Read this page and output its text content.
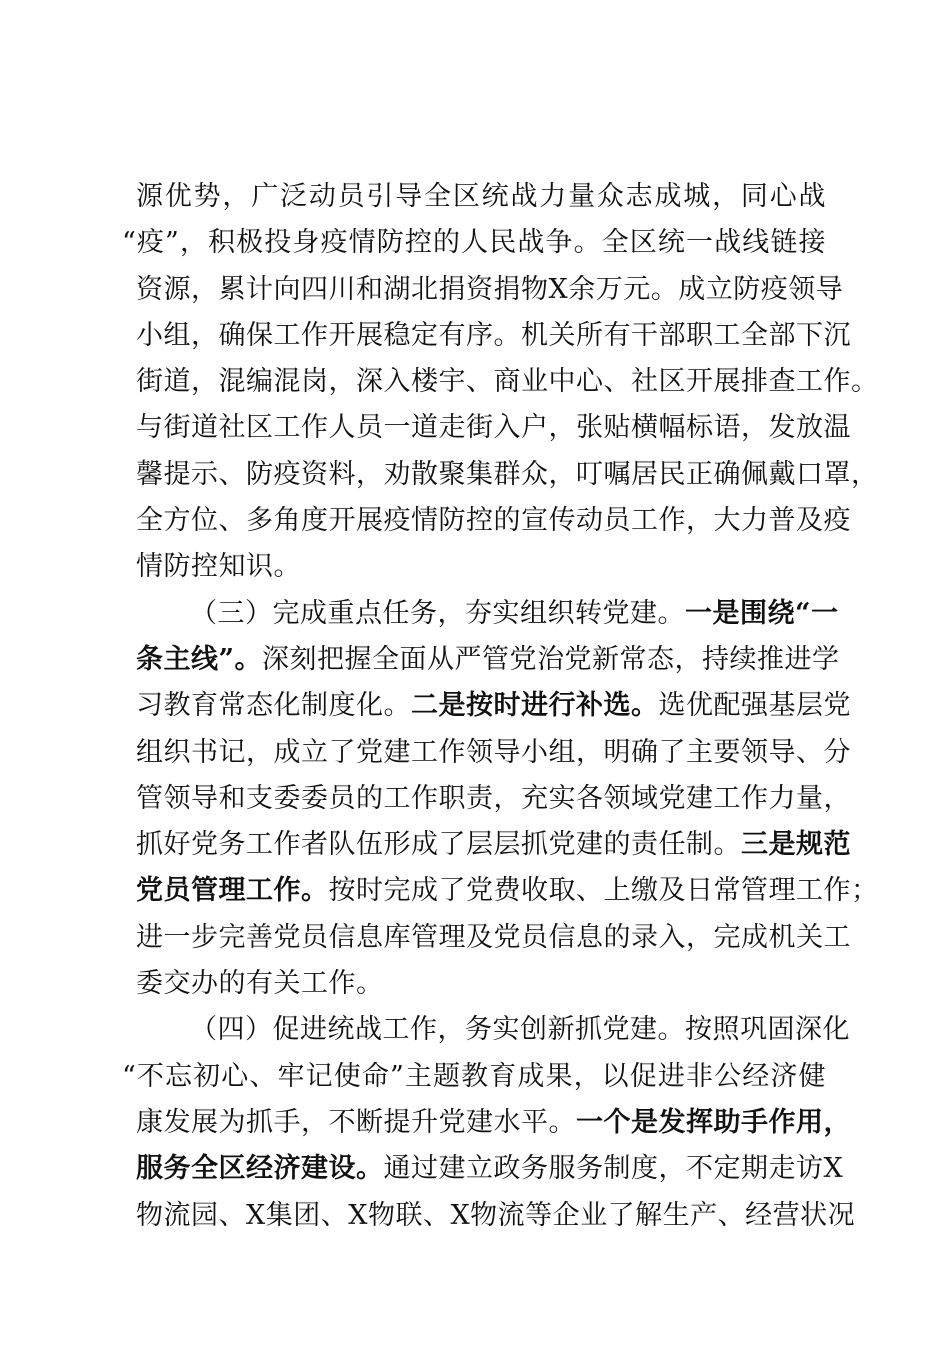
源优势，广泛动员引导全区统战力量众志成城，同心战
“疫”，积极投身疫情防控的人民战争。全区统一战线链接
资源，累计向四川和湖北捐资捐物X余万元。成立防疫领导
小组，确保工作开展稳定有序。机关所有干部职工全部下沉
街道，混编混岗，深入楼宇、商业中心、社区开展排查工作。
与街道社区工作人员一道走街入户，张贴横幅标语，发放温
馨提示、防疫资料，劝散聚集群众，叮嘱居民正确佩戴口罩，
全方位、多角度开展疫情防控的宣传动员工作，大力普及疫
情防控知识。
（三）完成重点任务，夯实组织转党建。一是围绕“一
条主线”。深刻把握全面从严管党治党新常态，持续推进学
习教育常态化制度化。二是按时进行补选。选优配强基层党
组织书记，成立了党建工作领导小组，明确了主要领导、分
管领导和支委委员的工作职责，充实各领域党建工作力量，
抓好党务工作者队伍形成了层层抓党建的责任制。三是规范
党员管理工作。按时完成了党费收取、上缴及日常管理工作；
进一步完善党员信息库管理及党员信息的录入，完成机关工
委交办的有关工作。
（四）促进统战工作，务实创新抓党建。按照巩固深化
“不忘初心、牢记使命”主题教育成果，以促进非公经济健
康发展为抓手，不断提升党建水平。一个是发挥助手作用，
服务全区经济建设。通过建立政务服务制度，不定期走访X
物流园、X集团、X物联、X物流等企业了解生产、经营状况
